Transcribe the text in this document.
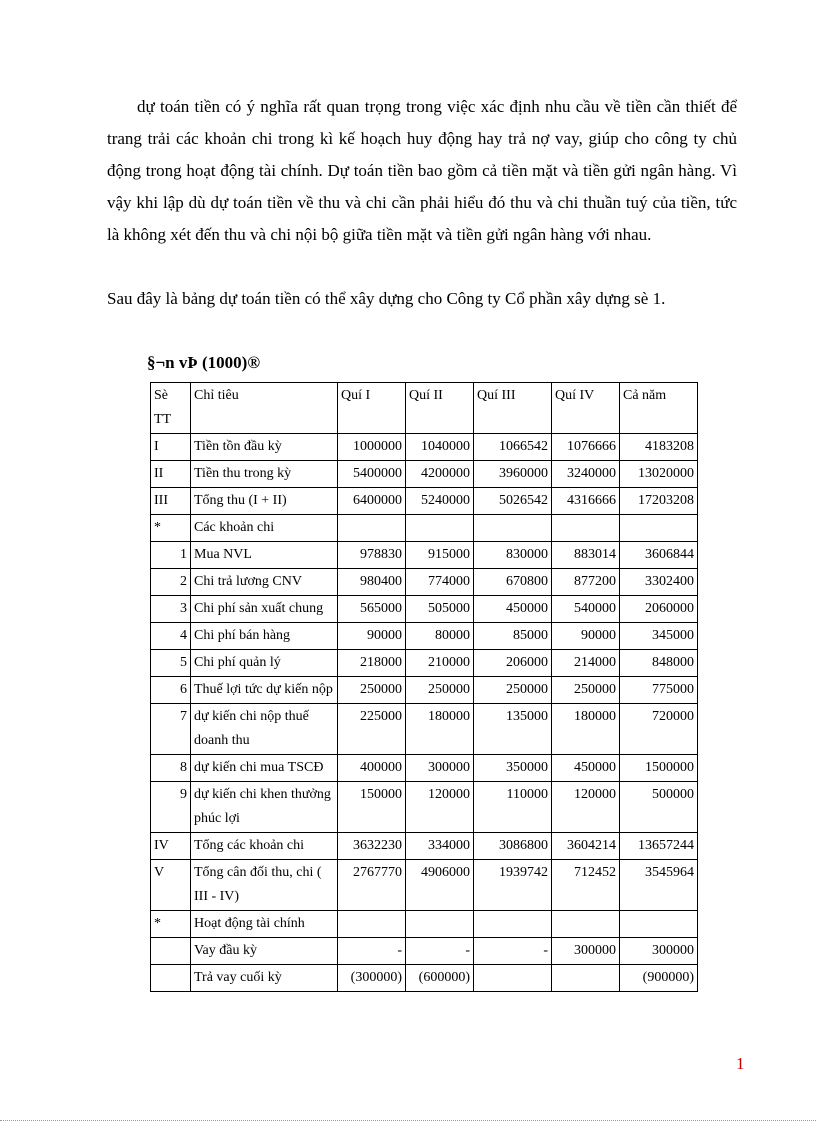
dự toán tiền có ý nghĩa rất quan trọng trong việc xác định nhu cầu về tiền cần thiết để trang trải các khoản chi trong kì kế hoạch huy động hay trả nợ vay, giúp cho công ty chủ động trong hoạt động tài chính. Dự toán tiền bao gồm cả tiền mặt và tiền gửi ngân hàng. Vì vậy khi lập dù dự toán tiền về thu và chi cần phải hiểu đó thu và chi thuần tuý của tiền, tức là không xét đến thu và chi nội bộ giữa tiền mặt và tiền gửi ngân hàng với nhau.
Sau đây là bảng dự toán tiền có thể xây dựng cho Công ty Cổ phần xây dựng sè 1.
§¬n vÞ (1000)®
Sè TT	Chỉ tiêu	Quí I	Quí II	Quí III	Quí IV	Cả năm
I	Tiền tồn đầu kỳ	1000000	1040000	1066542	1076666	4183208
II	Tiền thu trong kỳ	5400000	4200000	3960000	3240000	13020000
III	Tổng thu (I + II)	6400000	5240000	5026542	4316666	17203208
*	Các khoản chi					
1	Mua NVL	978830	915000	830000	883014	3606844
2	Chi trả lương CNV	980400	774000	670800	877200	3302400
3	Chi phí sản xuất chung	565000	505000	450000	540000	2060000
4	Chi phí bán hàng	90000	80000	85000	90000	345000
5	Chi phí quản lý	218000	210000	206000	214000	848000
6	Thuế lợi tức dự kiến nộp	250000	250000	250000	250000	775000
7	dự kiến chi nộp thuế doanh thu	225000	180000	135000	180000	720000
8	dự kiến chi mua TSCĐ	400000	300000	350000	450000	1500000
9	dự kiến chi khen thưởng phúc lợi	150000	120000	110000	120000	500000
IV	Tổng các khoản chi	3632230	334000	3086800	3604214	13657244
V	Tổng cân đối thu, chi ( III - IV)	2767770	4906000	1939742	712452	3545964
*	Hoạt động tài chính					
	Vay đầu kỳ	-	-	-	300000	300000
	Trả vay cuối kỳ	(300000)	(600000)			(900000)
1
